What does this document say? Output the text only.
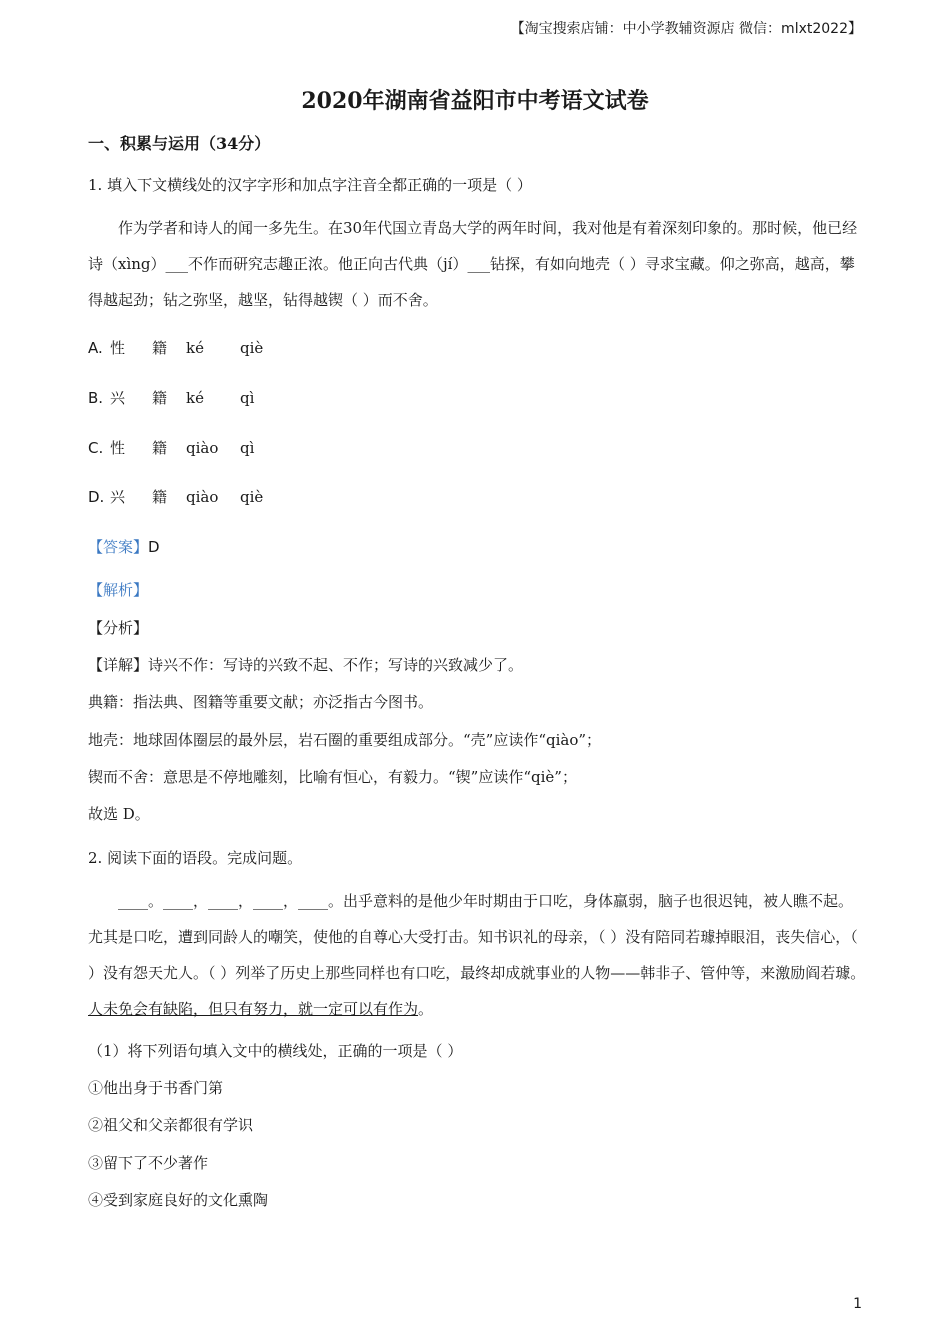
【淘宝搜索店铺：中小学教辅资源店 微信：mlxt2022】
2020年湖南省益阳市中考语文试卷
一、积累与运用（34分）
1. 填入下文横线处的汉字字形和加点字注音全都正确的一项是（ ）
作为学者和诗人的闻一多先生。在30年代国立青岛大学的两年时间，我对他是有着深刻印象的。那时候，他已经诗（xìng）___不作而研究志趣正浓。他正向古代典（jí）___钻探，有如向地壳（ ）寻求宝藏。仰之弥高，越高，攀得越起劲；钻之弥坚，越坚，钻得越锲（ ）而不舍。
A. 性 籍 ké qiè
B. 兴 籍 ké qì
C. 性 籍 qiào qì
D. 兴 籍 qiào qiè
【答案】D
【解析】
【分析】
【详解】诗兴不作：写诗的兴致不起、不作；写诗的兴致减少了。
典籍：指法典、图籍等重要文献；亦泛指古今图书。
地壳：地球固体圈层的最外层，岩石圈的重要组成部分。“壳”应读作“qiào”；
锲而不舍：意思是不停地雕刻，比喻有恒心，有毅力。“锲”应读作“qiè”；
故选 D。
2. 阅读下面的语段。完成问题。
____。____，____，____，____。出乎意料的是他少年时期由于口吃，身体羸弱，脑子也很迟钝，被人瞧不起。尤其是口吃，遭到同龄人的嘲笑，使他的自尊心大受打击。知书识礼的母亲，（ ）没有陪同若璩掉眼泪，丧失信心，（ ）没有怨天尤人。（ ）列举了历史上那些同样也有口吃，最终却成就事业的人物——韩非子、管仲等，来激励阎若璩。人未免会有缺陷，但只有努力，就一定可以有作为。
（1）将下列语句填入文中的横线处，正确的一项是（ ）
①他出身于书香门第
②祖父和父亲都很有学识
③留下了不少著作
④受到家庭良好的文化熏陶
1
